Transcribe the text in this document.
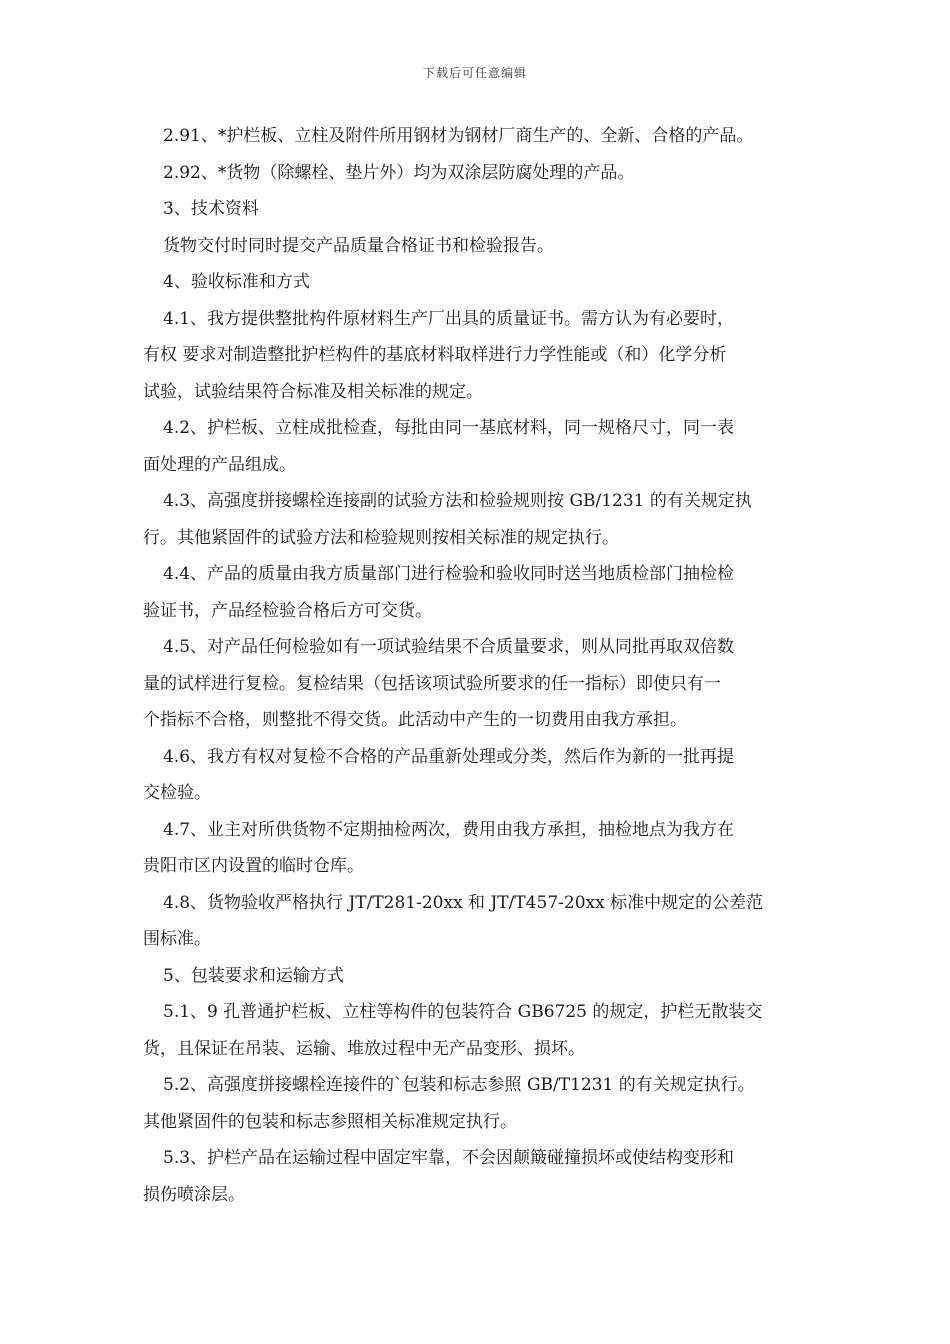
下载后可任意编辑

2.91、*护栏板、立柱及附件所用钢材为钢材厂商生产的、全新、合格的产品。

2.92、*货物（除螺栓、垫片外）均为双涂层防腐处理的产品。

3、技术资料

货物交付时同时提交产品质量合格证书和检验报告。

4、验收标准和方式

4.1、我方提供整批构件原材料生产厂出具的质量证书。需方认为有必要时，

有权 要求对制造整批护栏构件的基底材料取样进行力学性能或（和）化学分析

试验，试验结果符合标准及相关标准的规定。

4.2、护栏板、立柱成批检查，每批由同一基底材料，同一规格尺寸，同一表

面处理的产品组成。

4.3、高强度拼接螺栓连接副的试验方法和检验规则按 GB/1231 的有关规定执

行。其他紧固件的试验方法和检验规则按相关标准的规定执行。

4.4、产品的质量由我方质量部门进行检验和验收同时送当地质检部门抽检检

验证书，产品经检验合格后方可交货。

4.5、对产品任何检验如有一项试验结果不合质量要求，则从同批再取双倍数

量的试样进行复检。复检结果（包括该项试验所要求的任一指标）即使只有一

个指标不合格，则整批不得交货。此活动中产生的一切费用由我方承担。

4.6、我方有权对复检不合格的产品重新处理或分类，然后作为新的一批再提

交检验。

4.7、业主对所供货物不定期抽检两次，费用由我方承担，抽检地点为我方在

贵阳市区内设置的临时仓库。

4.8、货物验收严格执行 JT/T281-20xx 和 JT/T457-20xx 标准中规定的公差范

围标准。

5、包装要求和运输方式

5.1、9 孔普通护栏板、立柱等构件的包装符合 GB6725 的规定，护栏无散装交

货，且保证在吊装、运输、堆放过程中无产品变形、损坏。

5.2、高强度拼接螺栓连接件的`包装和标志参照 GB/T1231 的有关规定执行。

其他紧固件的包装和标志参照相关标准规定执行。

5.3、护栏产品在运输过程中固定牢靠，不会因颠簸碰撞损坏或使结构变形和

损伤喷涂层。
